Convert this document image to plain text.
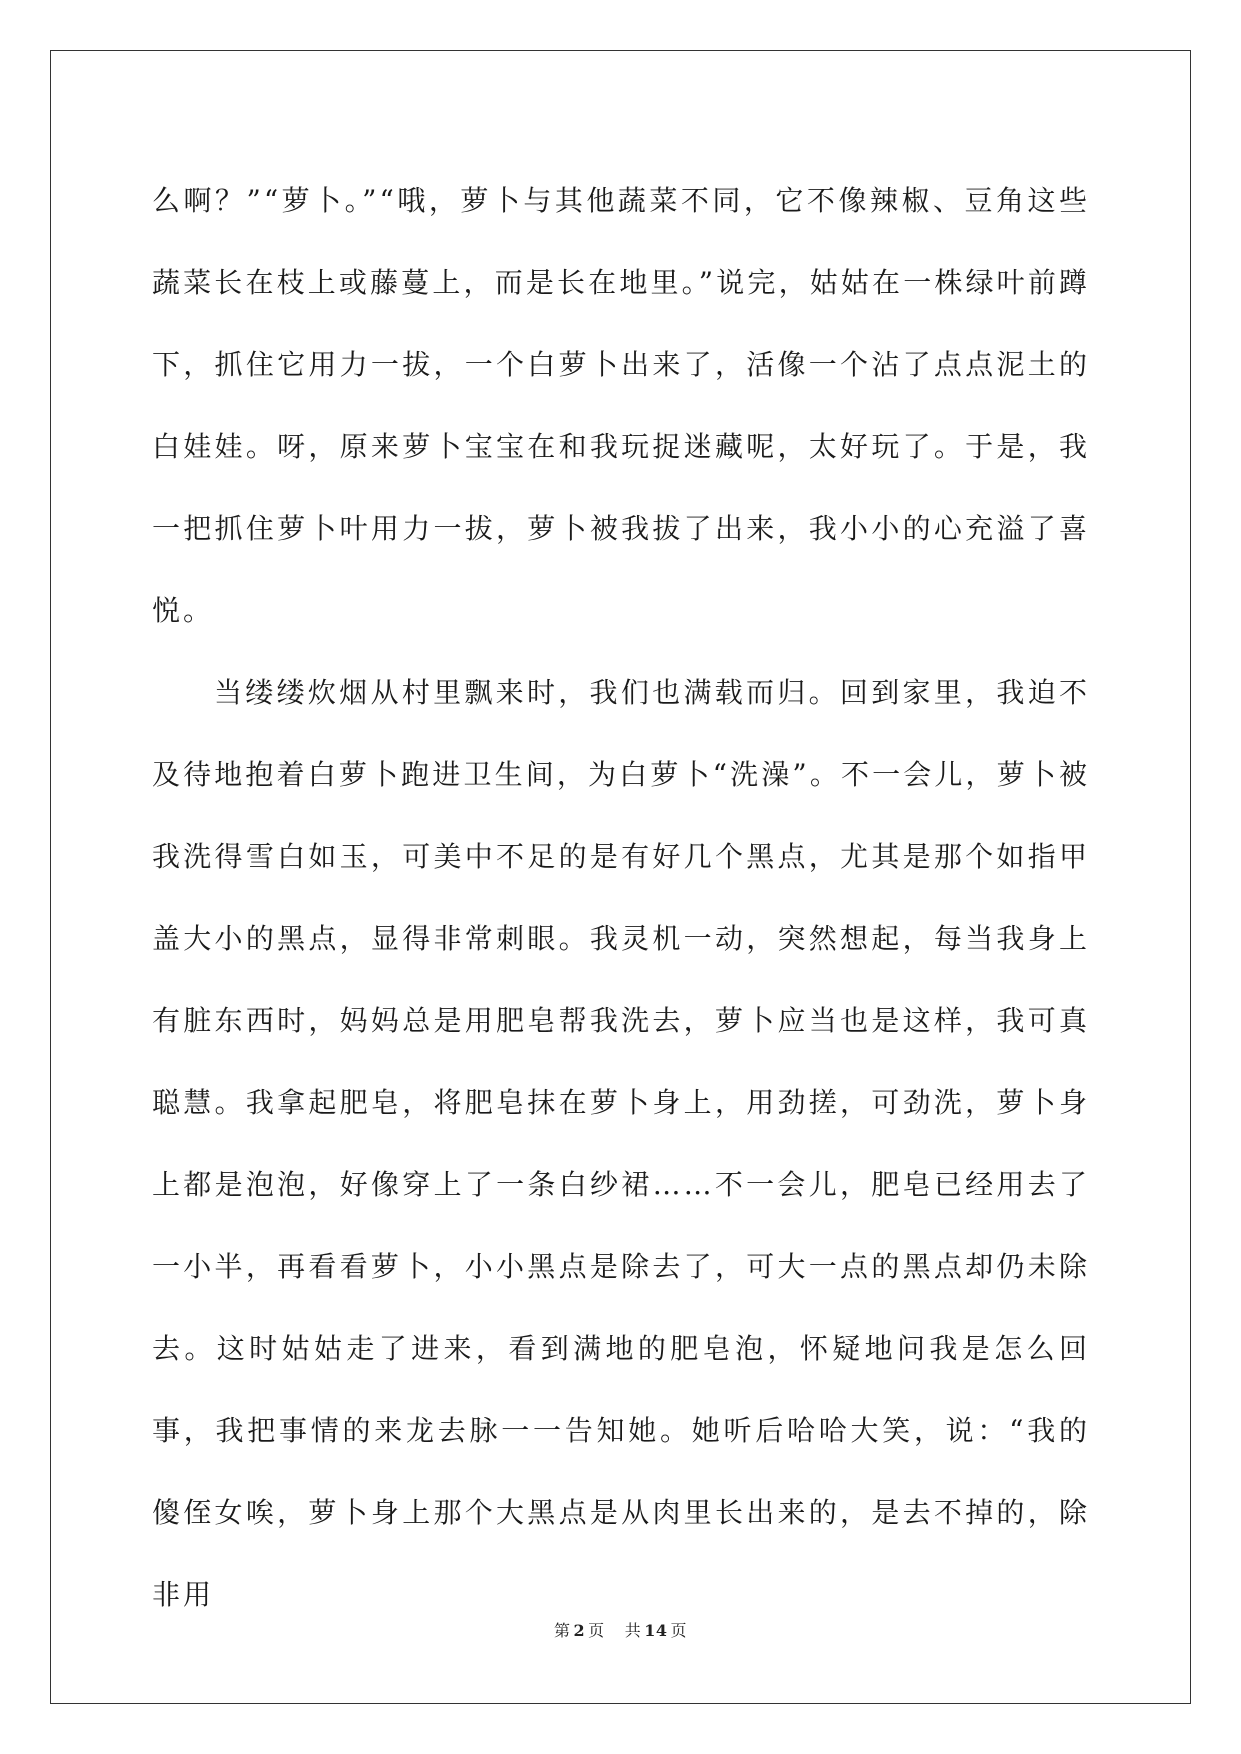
么啊？”“萝卜。”“哦，萝卜与其他蔬菜不同，它不像辣椒、豆角这些蔬菜长在枝上或藤蔓上，而是长在地里。”说完，姑姑在一株绿叶前蹲下，抓住它用力一拔，一个白萝卜出来了，活像一个沾了点点泥土的白娃娃。呀，原来萝卜宝宝在和我玩捉迷藏呢，太好玩了。于是，我一把抓住萝卜叶用力一拔，萝卜被我拔了出来，我小小的心充溢了喜悦。

当缕缕炊烟从村里飘来时，我们也满载而归。回到家里，我迫不及待地抱着白萝卜跑进卫生间，为白萝卜“洗澡”。不一会儿，萝卜被我洗得雪白如玉，可美中不足的是有好几个黑点，尤其是那个如指甲盖大小的黑点，显得非常刺眼。我灵机一动，突然想起，每当我身上有脏东西时，妈妈总是用肥皂帮我洗去，萝卜应当也是这样，我可真聪慧。我拿起肥皂，将肥皂抹在萝卜身上，用劲搓，可劲洗，萝卜身上都是泡泡，好像穿上了一条白纱裙……不一会儿，肥皂已经用去了一小半，再看看萝卜，小小黑点是除去了，可大一点的黑点却仍未除去。这时姑姑走了进来，看到满地的肥皂泡，怀疑地问我是怎么回事，我把事情的来龙去脉一一告知她。她听后哈哈大笑，说：“我的傻侄女唉，萝卜身上那个大黑点是从肉里长出来的，是去不掉的，除非用

第 2 页 共 14 页
